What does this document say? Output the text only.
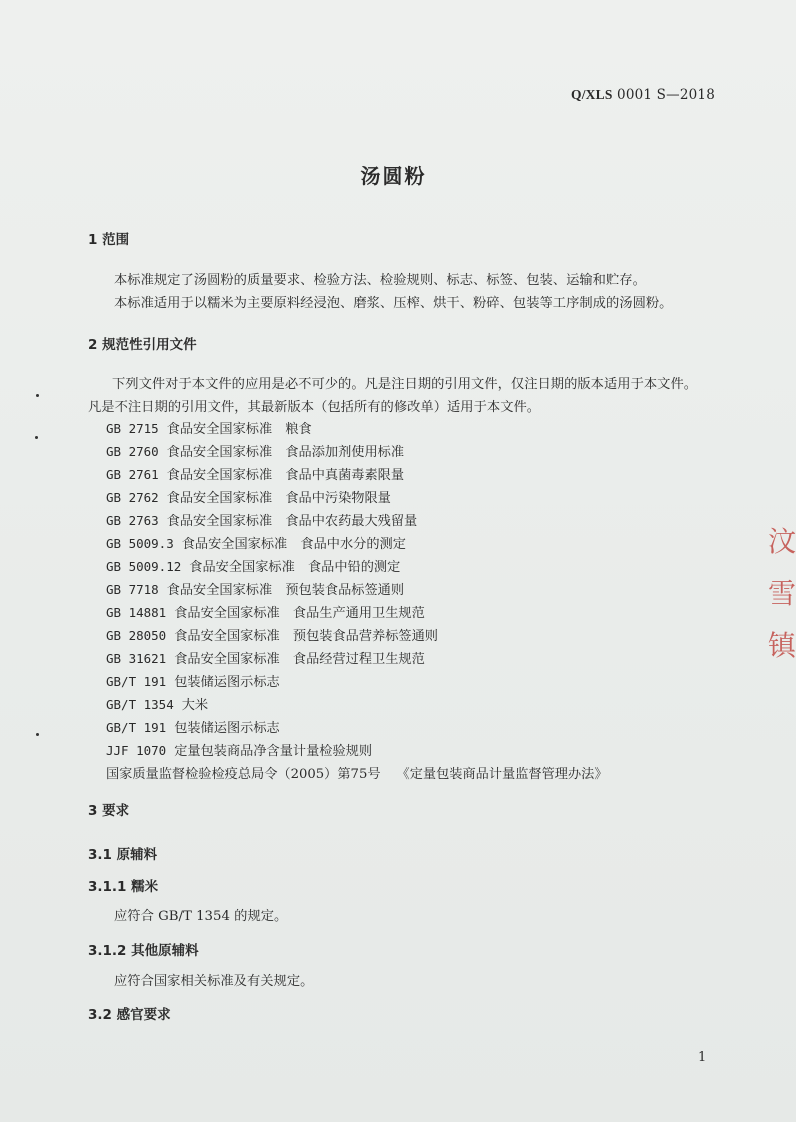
Q/XLS 0001 S—2018
汤圆粉
1 范围
本标准规定了汤圆粉的质量要求、检验方法、检验规则、标志、标签、包装、运输和贮存。
本标准适用于以糯米为主要原料经浸泡、磨浆、压榨、烘干、粉碎、包装等工序制成的汤圆粉。
2 规范性引用文件
下列文件对于本文件的应用是必不可少的。凡是注日期的引用文件，仅注日期的版本适用于本文件。
凡是不注日期的引用文件，其最新版本（包括所有的修改单）适用于本文件。
GB 2715 食品安全国家标准　粮食
GB 2760 食品安全国家标准　食品添加剂使用标准
GB 2761 食品安全国家标准　食品中真菌毒素限量
GB 2762 食品安全国家标准　食品中污染物限量
GB 2763 食品安全国家标准　食品中农药最大残留量
GB 5009.3 食品安全国家标准　食品中水分的测定
GB 5009.12 食品安全国家标准　食品中铅的测定
GB 7718 食品安全国家标准　预包装食品标签通则
GB 14881 食品安全国家标准　食品生产通用卫生规范
GB 28050 食品安全国家标准　预包装食品营养标签通则
GB 31621 食品安全国家标准　食品经营过程卫生规范
GB/T 191 包装储运图示标志
GB/T 1354 大米
GB/T 191 包装储运图示标志
JJF 1070 定量包装商品净含量计量检验规则
国家质量监督检验检疫总局令（2005）第75号 《定量包装商品计量监督管理办法》
3 要求
3.1 原辅料
3.1.1 糯米
应符合 GB/T 1354 的规定。
3.1.2 其他原辅料
应符合国家相关标准及有关规定。
3.2 感官要求
1
汶
雪
镇
